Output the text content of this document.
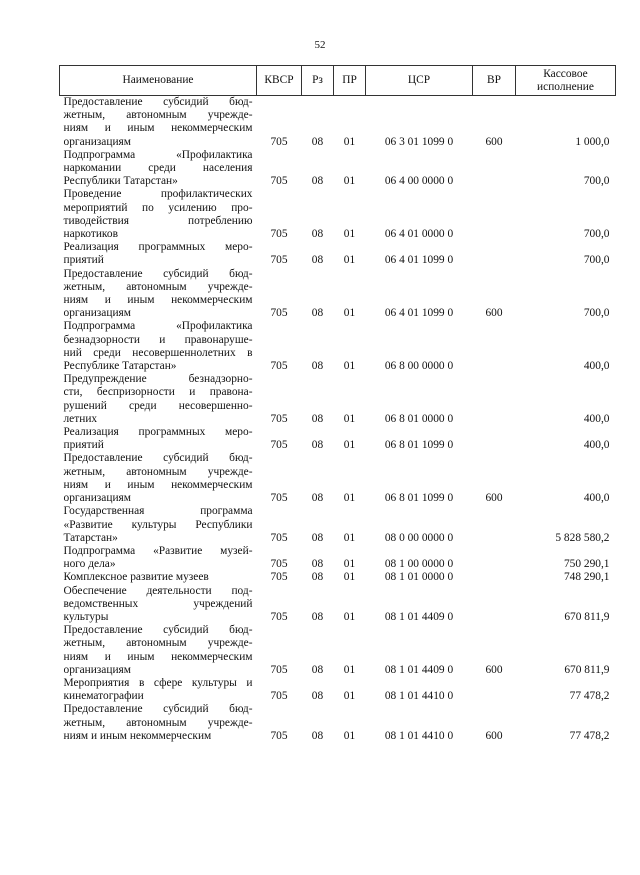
52
Наименование	КВСР	Рз	ПР	ЦСР	ВР	Кассовое
исполнение

Предоставление субсидий бюд-
жетным, автономным учрежде-
ниям и иным некоммерческим
организациям	705	08	01	06 3 01 1099 0	600	1 000,0

Подпрограмма «Профилактика
наркомании среди населения
Республики Татарстан»	705	08	01	06 4 00 0000 0		700,0

Проведение профилактических
мероприятий по усилению про-
тиводействия потреблению
наркотиков	705	08	01	06 4 01 0000 0		700,0

Реализация программных меро-
приятий	705	08	01	06 4 01 1099 0		700,0

Предоставление субсидий бюд-
жетным, автономным учрежде-
ниям и иным некоммерческим
организациям	705	08	01	06 4 01 1099 0	600	700,0

Подпрограмма «Профилактика
безнадзорности и правонаруше-
ний среди несовершеннолетних в
Республике Татарстан»	705	08	01	06 8 00 0000 0		400,0

Предупреждение безнадзорно-
сти, беспризорности и правона-
рушений среди несовершенно-
летних	705	08	01	06 8 01 0000 0		400,0

Реализация программных меро-
приятий	705	08	01	06 8 01 1099 0		400,0

Предоставление субсидий бюд-
жетным, автономным учрежде-
ниям и иным некоммерческим
организациям	705	08	01	06 8 01 1099 0	600	400,0

Государственная программа
«Развитие культуры Республики
Татарстан»	705	08	01	08 0 00 0000 0		5 828 580,2

Подпрограмма «Развитие музей-
ного дела»	705	08	01	08 1 00 0000 0		750 290,1

Комплексное развитие музеев	705	08	01	08 1 01 0000 0		748 290,1

Обеспечение деятельности под-
ведомственных учреждений
культуры	705	08	01	08 1 01 4409 0		670 811,9

Предоставление субсидий бюд-
жетным, автономным учрежде-
ниям и иным некоммерческим
организациям	705	08	01	08 1 01 4409 0	600	670 811,9

Мероприятия в сфере культуры и
кинематографии	705	08	01	08 1 01 4410 0		77 478,2

Предоставление субсидий бюд-
жетным, автономным учрежде-
ниям и иным некоммерческим	705	08	01	08 1 01 4410 0	600	77 478,2
